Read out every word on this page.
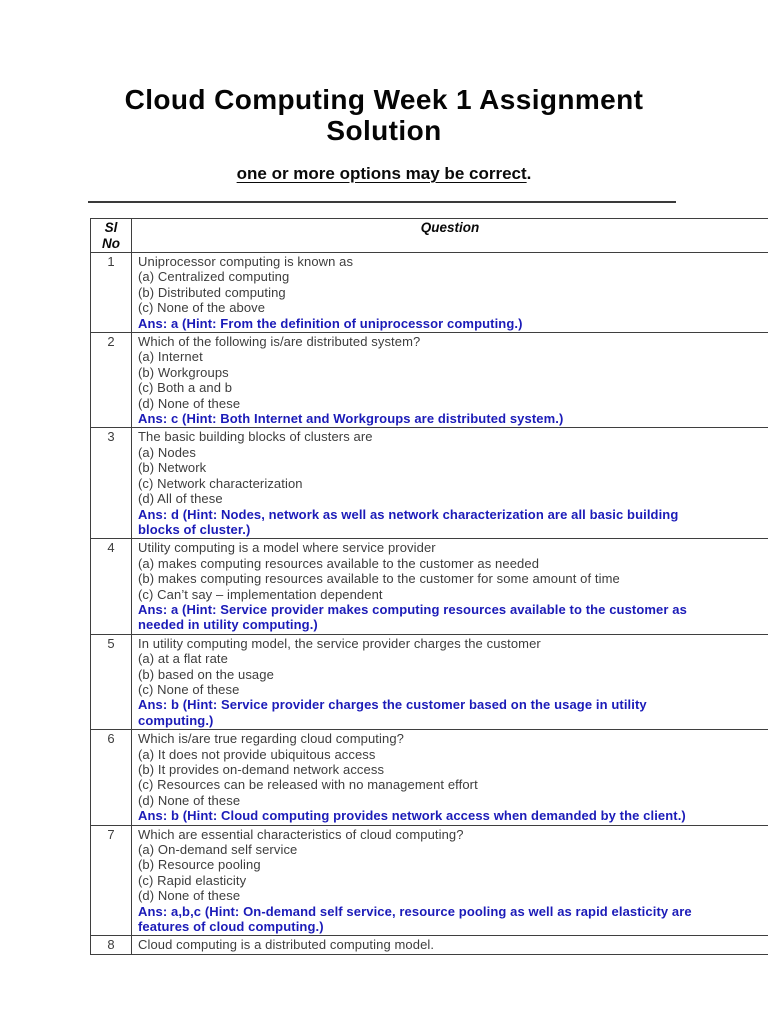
Cloud Computing Week 1 Assignment
Solution
one or more options may be correct.
Sl
No	Question
1	Uniprocessor computing is known as
(a) Centralized computing
(b) Distributed computing
(c) None of the above
Ans: a (Hint: From the definition of uniprocessor computing.)

2	Which of the following is/are distributed system?
(a) Internet
(b) Workgroups
(c) Both a and b
(d) None of these
Ans: c (Hint: Both Internet and Workgroups are distributed system.)

3	The basic building blocks of clusters are
(a) Nodes
(b) Network
(c) Network characterization
(d) All of these
Ans: d (Hint: Nodes, network as well as network characterization are all basic building
blocks of cluster.)

4	Utility computing is a model where service provider
(a) makes computing resources available to the customer as needed
(b) makes computing resources available to the customer for some amount of time
(c) Can’t say – implementation dependent
Ans: a (Hint: Service provider makes computing resources available to the customer as
needed in utility computing.)

5	In utility computing model, the service provider charges the customer
(a) at a flat rate
(b) based on the usage
(c) None of these
Ans: b (Hint: Service provider charges the customer based on the usage in utility
computing.)

6	Which is/are true regarding cloud computing?
(a) It does not provide ubiquitous access
(b) It provides on-demand network access
(c) Resources can be released with no management effort
(d) None of these
Ans: b (Hint: Cloud computing provides network access when demanded by the client.)

7	Which are essential characteristics of cloud computing?
(a) On-demand self service
(b) Resource pooling
(c) Rapid elasticity
(d) None of these
Ans: a,b,c (Hint: On-demand self service, resource pooling as well as rapid elasticity are
features of cloud computing.)

8	Cloud computing is a distributed computing model.
